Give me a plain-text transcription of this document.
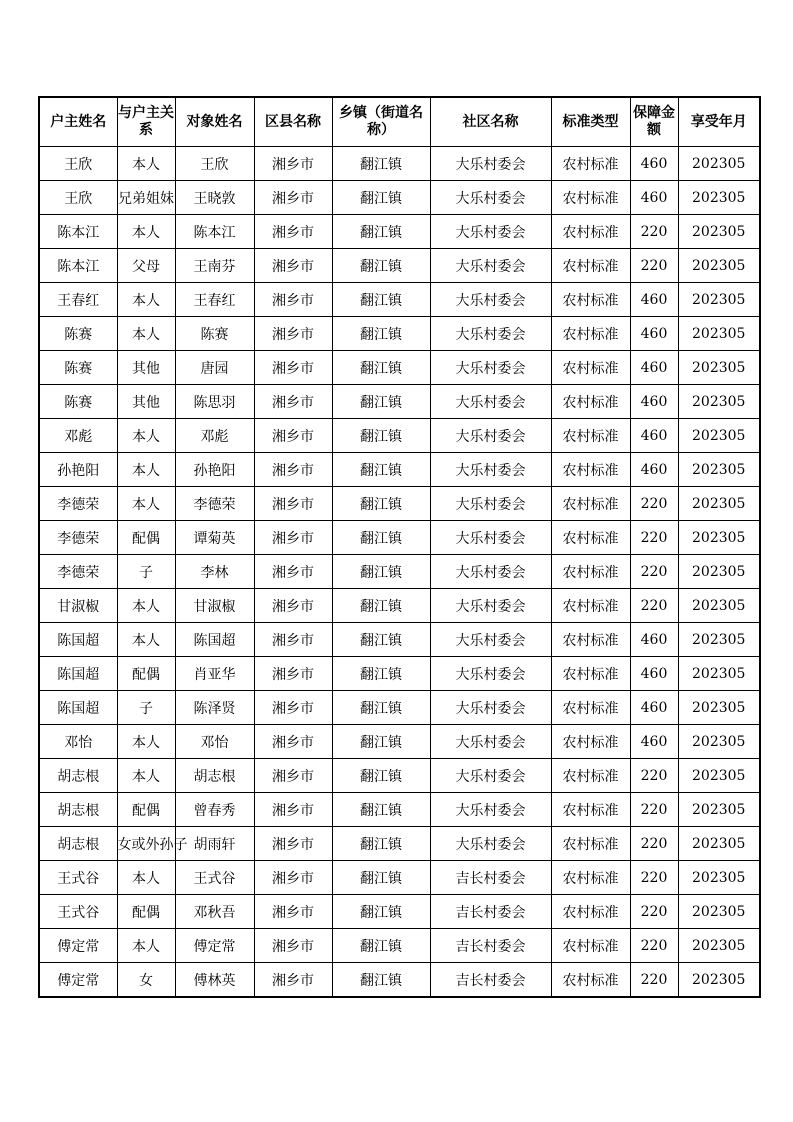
户主姓名	与户主关系	对象姓名	区县名称	乡镇（街道名称）	社区名称	标准类型	保障金额	享受年月
王欣	本人	王欣	湘乡市	翻江镇	大乐村委会	农村标准	460	202305
王欣	兄弟姐妹	王晓敦	湘乡市	翻江镇	大乐村委会	农村标准	460	202305
陈本江	本人	陈本江	湘乡市	翻江镇	大乐村委会	农村标准	220	202305
陈本江	父母	王南芬	湘乡市	翻江镇	大乐村委会	农村标准	220	202305
王春红	本人	王春红	湘乡市	翻江镇	大乐村委会	农村标准	460	202305
陈赛	本人	陈赛	湘乡市	翻江镇	大乐村委会	农村标准	460	202305
陈赛	其他	唐园	湘乡市	翻江镇	大乐村委会	农村标准	460	202305
陈赛	其他	陈思羽	湘乡市	翻江镇	大乐村委会	农村标准	460	202305
邓彪	本人	邓彪	湘乡市	翻江镇	大乐村委会	农村标准	460	202305
孙艳阳	本人	孙艳阳	湘乡市	翻江镇	大乐村委会	农村标准	460	202305
李德荣	本人	李德荣	湘乡市	翻江镇	大乐村委会	农村标准	220	202305
李德荣	配偶	谭菊英	湘乡市	翻江镇	大乐村委会	农村标准	220	202305
李德荣	子	李林	湘乡市	翻江镇	大乐村委会	农村标准	220	202305
甘淑椒	本人	甘淑椒	湘乡市	翻江镇	大乐村委会	农村标准	220	202305
陈国超	本人	陈国超	湘乡市	翻江镇	大乐村委会	农村标准	460	202305
陈国超	配偶	肖亚华	湘乡市	翻江镇	大乐村委会	农村标准	460	202305
陈国超	子	陈泽贤	湘乡市	翻江镇	大乐村委会	农村标准	460	202305
邓怡	本人	邓怡	湘乡市	翻江镇	大乐村委会	农村标准	460	202305
胡志根	本人	胡志根	湘乡市	翻江镇	大乐村委会	农村标准	220	202305
胡志根	配偶	曾春秀	湘乡市	翻江镇	大乐村委会	农村标准	220	202305
胡志根	女或外孙子	胡雨轩	湘乡市	翻江镇	大乐村委会	农村标准	220	202305
王式谷	本人	王式谷	湘乡市	翻江镇	吉长村委会	农村标准	220	202305
王式谷	配偶	邓秋吾	湘乡市	翻江镇	吉长村委会	农村标准	220	202305
傅定常	本人	傅定常	湘乡市	翻江镇	吉长村委会	农村标准	220	202305
傅定常	女	傅林英	湘乡市	翻江镇	吉长村委会	农村标准	220	202305
